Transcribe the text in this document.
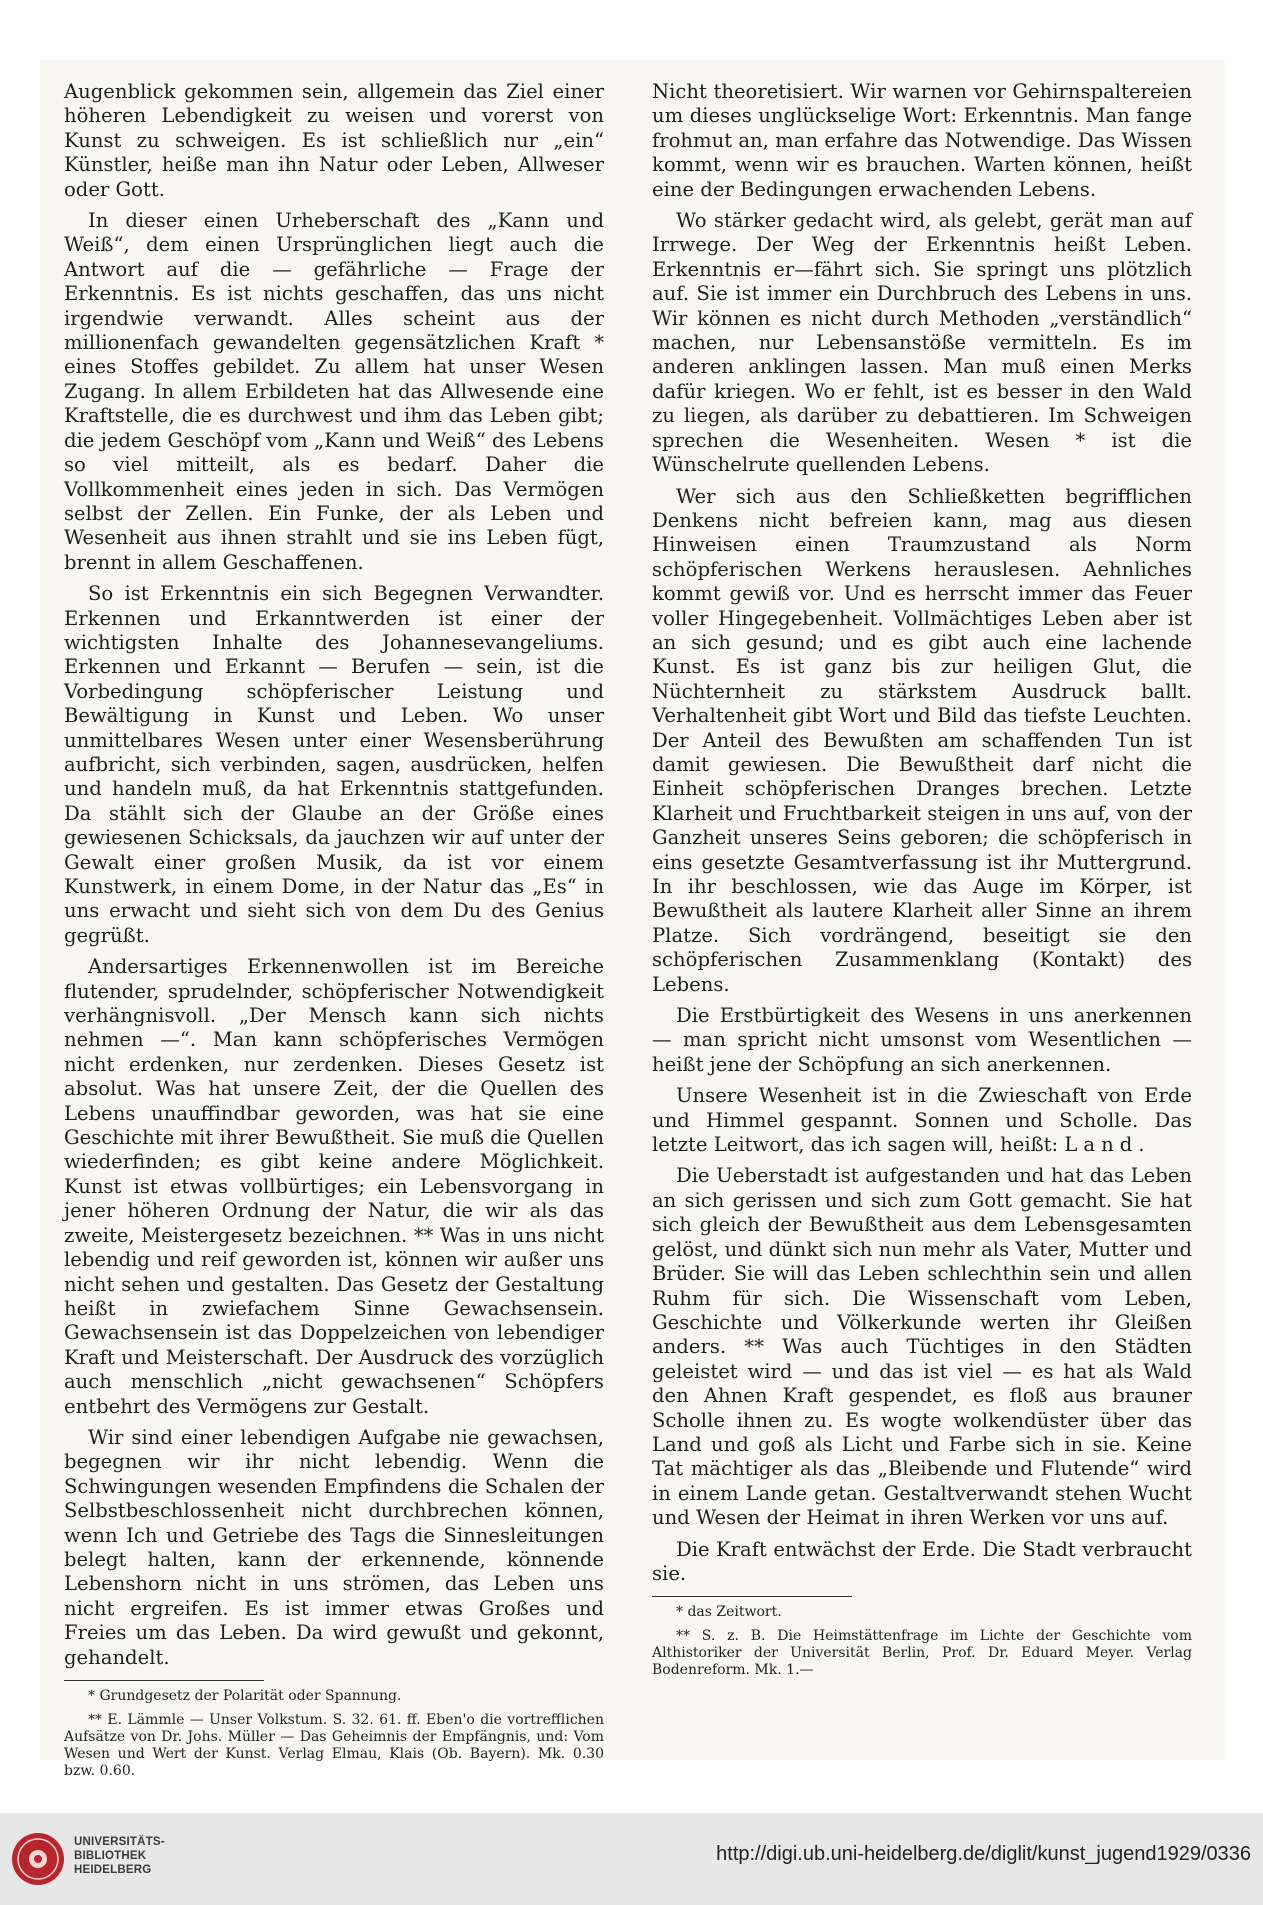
Augenblick gekommen sein, allgemein das Ziel einer höheren Lebendigkeit zu weisen und vorerst von Kunst zu schweigen. Es ist schließlich nur „ein“ Künstler, heiße man ihn Natur oder Leben, Allweser oder Gott.

In dieser einen Urheberschaft des „Kann und Weiß“, dem einen Ursprünglichen liegt auch die Antwort auf die — gefährliche — Frage der Erkenntnis. Es ist nichts geschaffen, das uns nicht irgendwie verwandt. Alles scheint aus der millionenfach gewandelten gegensätzlichen Kraft * eines Stoffes gebildet. Zu allem hat unser Wesen Zugang. In allem Erbildeten hat das Allwesende eine Kraftstelle, die es durchwest und ihm das Leben gibt; die jedem Geschöpf vom „Kann und Weiß“ des Lebens so viel mitteilt, als es bedarf. Daher die Vollkommenheit eines jeden in sich. Das Vermögen selbst der Zellen. Ein Funke, der als Leben und Wesenheit aus ihnen strahlt und sie ins Leben fügt, brennt in allem Geschaffenen.

So ist Erkenntnis ein sich Begegnen Verwandter. Erkennen und Erkanntwerden ist einer der wichtigsten Inhalte des Johannesevangeliums. Erkennen und Erkannt — Berufen — sein, ist die Vorbedingung schöpferischer Leistung und Bewältigung in Kunst und Leben. Wo unser unmittelbares Wesen unter einer Wesensberührung aufbricht, sich verbinden, sagen, ausdrücken, helfen und handeln muß, da hat Erkenntnis stattgefunden. Da stählt sich der Glaube an der Größe eines gewiesenen Schicksals, da jauchzen wir auf unter der Gewalt einer großen Musik, da ist vor einem Kunstwerk, in einem Dome, in der Natur das „Es“ in uns erwacht und sieht sich von dem Du des Genius gegrüßt.

Andersartiges Erkennenwollen ist im Bereiche flutender, sprudelnder, schöpferischer Notwendigkeit verhängnisvoll. „Der Mensch kann sich nichts nehmen —“. Man kann schöpferisches Vermögen nicht erdenken, nur zerdenken. Dieses Gesetz ist absolut. Was hat unsere Zeit, der die Quellen des Lebens unauffindbar geworden, was hat sie eine Geschichte mit ihrer Bewußtheit. Sie muß die Quellen wiederfinden; es gibt keine andere Möglichkeit. Kunst ist etwas vollbürtiges; ein Lebensvorgang in jener höheren Ordnung der Natur, die wir als das zweite, Meistergesetz bezeichnen. ** Was in uns nicht lebendig und reif geworden ist, können wir außer uns nicht sehen und gestalten. Das Gesetz der Gestaltung heißt in zwiefachem Sinne Gewachsensein. Gewachsensein ist das Doppelzeichen von lebendiger Kraft und Meisterschaft. Der Ausdruck des vorzüglich auch menschlich „nicht gewachsenen“ Schöpfers entbehrt des Vermögens zur Gestalt.

Wir sind einer lebendigen Aufgabe nie gewachsen, begegnen wir ihr nicht lebendig. Wenn die Schwingungen wesenden Empfindens die Schalen der Selbstbeschlossenheit nicht durchbrechen können, wenn Ich und Getriebe des Tags die Sinnesleitungen belegt halten, kann der erkennende, könnende Lebenshorn nicht in uns strömen, das Leben uns nicht ergreifen. Es ist immer etwas Großes und Freies um das Leben. Da wird gewußt und gekonnt, gehandelt.

* Grundgesetz der Polarität oder Spannung.

** E. Lämmle — Unser Volkstum. S. 32. 61. ff. Eben'o die vortrefflichen Aufsätze von Dr. Johs. Müller — Das Geheimnis der Empfängnis, und: Vom Wesen und Wert der Kunst. Verlag Elmau, Klais (Ob. Bayern). Mk. 0.30 bzw. 0.60.

Nicht theoretisiert. Wir warnen vor Gehirnspaltereien um dieses unglückselige Wort: Erkenntnis. Man fange frohmut an, man erfahre das Notwendige. Das Wissen kommt, wenn wir es brauchen. Warten können, heißt eine der Bedingungen erwachenden Lebens.

Wo stärker gedacht wird, als gelebt, gerät man auf Irrwege. Der Weg der Erkenntnis heißt Leben. Erkenntnis er—fährt sich. Sie springt uns plötzlich auf. Sie ist immer ein Durchbruch des Lebens in uns. Wir können es nicht durch Methoden „verständlich“ machen, nur Lebensanstöße vermitteln. Es im anderen anklingen lassen. Man muß einen Merks dafür kriegen. Wo er fehlt, ist es besser in den Wald zu liegen, als darüber zu debattieren. Im Schweigen sprechen die Wesenheiten. Wesen * ist die Wünschelrute quellenden Lebens.

Wer sich aus den Schließketten begrifflichen Denkens nicht befreien kann, mag aus diesen Hinweisen einen Traumzustand als Norm schöpferischen Werkens herauslesen. Aehnliches kommt gewiß vor. Und es herrscht immer das Feuer voller Hingegebenheit. Vollmächtiges Leben aber ist an sich gesund; und es gibt auch eine lachende Kunst. Es ist ganz bis zur heiligen Glut, die Nüchternheit zu stärkstem Ausdruck ballt. Verhaltenheit gibt Wort und Bild das tiefste Leuchten. Der Anteil des Bewußten am schaffenden Tun ist damit gewiesen. Die Bewußtheit darf nicht die Einheit schöpferischen Dranges brechen. Letzte Klarheit und Fruchtbarkeit steigen in uns auf, von der Ganzheit unseres Seins geboren; die schöpferisch in eins gesetzte Gesamtverfassung ist ihr Muttergrund. In ihr beschlossen, wie das Auge im Körper, ist Bewußtheit als lautere Klarheit aller Sinne an ihrem Platze. Sich vordrängend, beseitigt sie den schöpferischen Zusammenklang (Kontakt) des Lebens.

Die Erstbürtigkeit des Wesens in uns anerkennen — man spricht nicht umsonst vom Wesentlichen — heißt jene der Schöpfung an sich anerkennen.

Unsere Wesenheit ist in die Zwieschaft von Erde und Himmel gespannt. Sonnen und Scholle. Das letzte Leitwort, das ich sagen will, heißt: Land.

Die Ueberstadt ist aufgestanden und hat das Leben an sich gerissen und sich zum Gott gemacht. Sie hat sich gleich der Bewußtheit aus dem Lebensgesamten gelöst, und dünkt sich nun mehr als Vater, Mutter und Brüder. Sie will das Leben schlechthin sein und allen Ruhm für sich. Die Wissenschaft vom Leben, Geschichte und Völkerkunde werten ihr Gleißen anders. ** Was auch Tüchtiges in den Städten geleistet wird — und das ist viel — es hat als Wald den Ahnen Kraft gespendet, es floß aus brauner Scholle ihnen zu. Es wogte wolkendüster über das Land und goß als Licht und Farbe sich in sie. Keine Tat mächtiger als das „Bleibende und Flutende“ wird in einem Lande getan. Gestaltverwandt stehen Wucht und Wesen der Heimat in ihren Werken vor uns auf.

Die Kraft entwächst der Erde. Die Stadt verbraucht sie.

* das Zeitwort.

** S. z. B. Die Heimstättenfrage im Lichte der Geschichte vom Althistoriker der Universität Berlin, Prof. Dr. Eduard Meyer. Verlag Bodenreform. Mk. 1.—

UNIVERSITÄTS-
BIBLIOTHEK
HEIDELBERG
http://digi.ub.uni-heidelberg.de/diglit/kunst_jugend1929/0336
